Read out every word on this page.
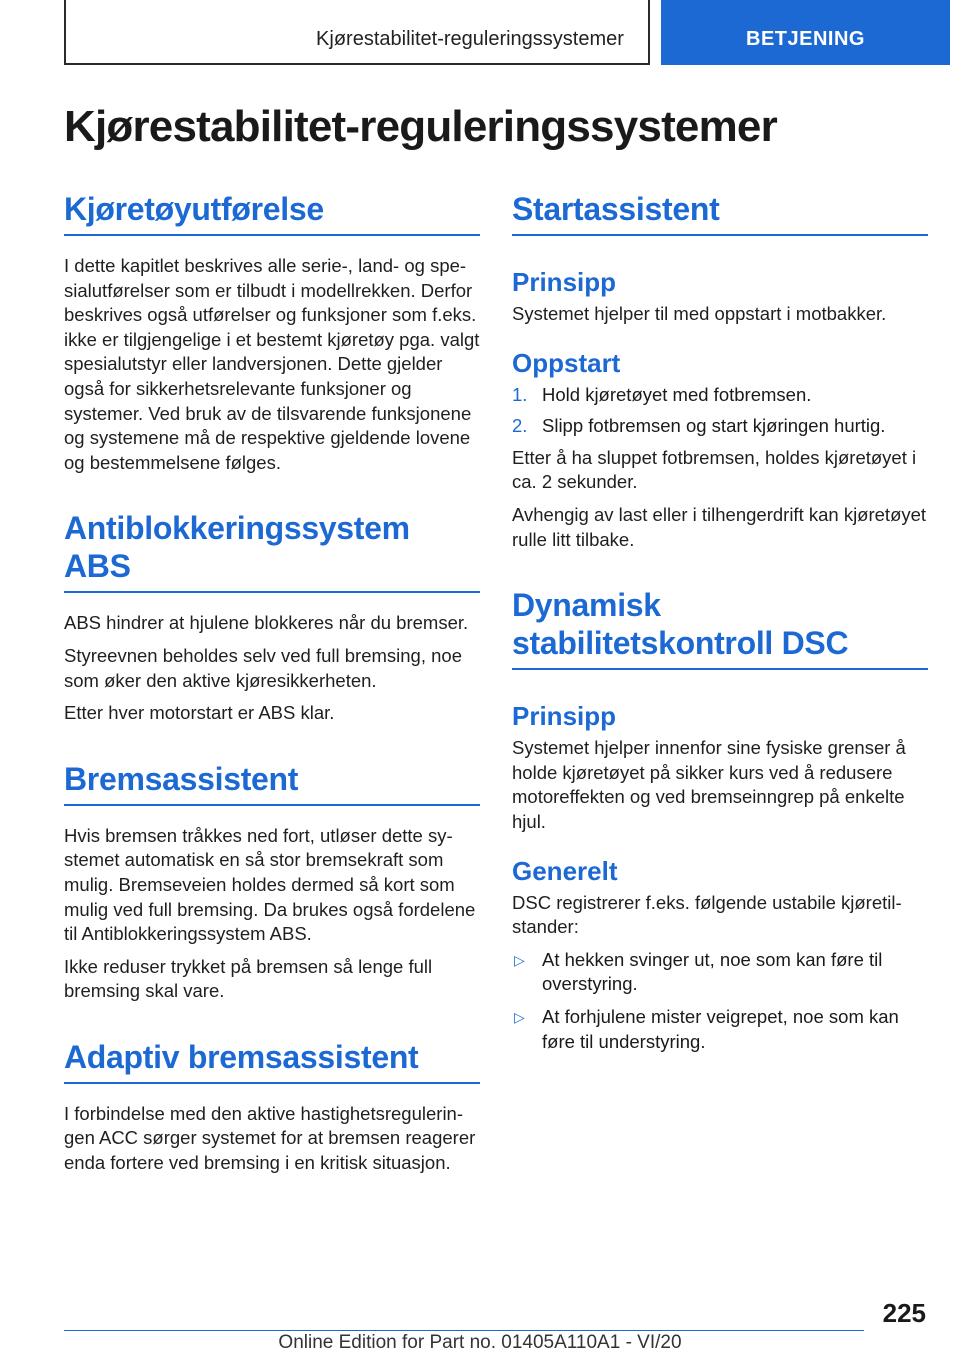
Kjørestabilitet-reguleringssystemer	BETJENING
Kjørestabilitet-reguleringssystemer
Kjøretøyutførelse

I dette kapitlet beskrives alle serie-, land- og spesialutførelser som er tilbudt i modellrekken. Derfor beskrives også utførelser og funksjoner som f.eks. ikke er tilgjengelige i et bestemt kjøretøy pga. valgt spesialutstyr eller landversjonen. Dette gjelder også for sikkerhetsrelevante funksjoner og systemer. Ved bruk av de tilsvarende funksjonene og systemene må de respektive gjeldende lovene og bestemmelsene følges.

Antiblokkeringssystem ABS

ABS hindrer at hjulene blokkeres når du bremser.

Styreevnen beholdes selv ved full bremsing, noe som øker den aktive kjøresikkerheten.

Etter hver motorstart er ABS klar.

Bremsassistent

Hvis bremsen tråkkes ned fort, utløser dette systemet automatisk en så stor bremsekraft som mulig. Bremseveien holdes dermed så kort som mulig ved full bremsing. Da brukes også fordelene til Antiblokkeringssystem ABS.

Ikke reduser trykket på bremsen så lenge full bremsing skal vare.

Adaptiv bremsassistent

I forbindelse med den aktive hastighetsreguleringen ACC sørger systemet for at bremsen reagerer enda fortere ved bremsing i en kritisk situasjon.

Startassistent
Prinsipp

Systemet hjelper til med oppstart i motbakker.

Oppstart
1. Hold kjøretøyet med fotbremsen.
2. Slipp fotbremsen og start kjøringen hurtig.

Etter å ha sluppet fotbremsen, holdes kjøretøyet i ca. 2 sekunder.

Avhengig av last eller i tilhengerdrift kan kjøretøyet rulle litt tilbake.

Dynamisk stabilitetskontroll DSC
Prinsipp

Systemet hjelper innenfor sine fysiske grenser å holde kjøretøyet på sikker kurs ved å redusere motoreffekten og ved bremseinngrep på enkelte hjul.

Generelt

DSC registrerer f.eks. følgende ustabile kjøretilstander:

▷ At hekken svinger ut, noe som kan føre til overstyring.
▷ At forhjulene mister veigrepet, noe som kan føre til understyring.
225
Online Edition for Part no. 01405A110A1 - VI/20
